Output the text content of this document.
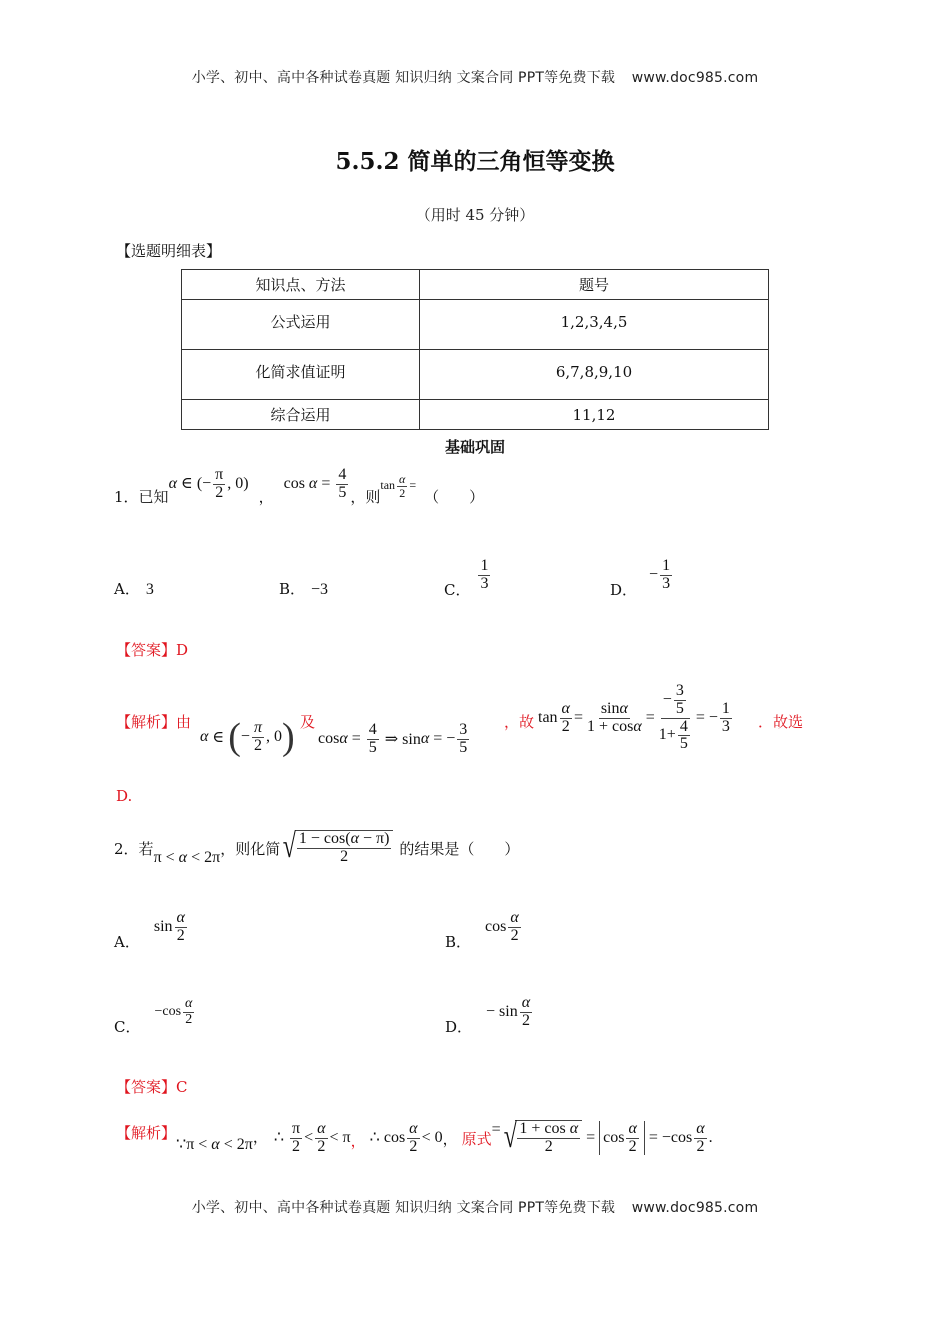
小学、初中、高中各种试卷真题 知识归纳 文案合同 PPT等免费下载 www.doc985.com
5.5.2 简单的三角恒等变换
（用时 45 分钟）
【选题明细表】
知识点、方法	题号
公式运用	1,2,3,4,5
化简求值证明	6,7,8,9,10
综合运用	11,12
基础巩固
1． 已知
α ∈ (− $\frac{\pi}{2}$ , 0)
，
$\cos \alpha = \frac{4}{5}$ ，则
$\tan \frac{\alpha}{2}$ =
（　　）
A． 3	B． −3	C． $\frac{1}{3}$	D．
− $\frac{1}{3}$
【答案】D
【解析】由
α ∈ ( − $\frac{\pi}{2}$ , 0 ) 及
$\cos \alpha = \frac{4}{5}$ ⇒ sin α = − $\frac{3}{5}$ ，故 $\tan \frac{\alpha}{2} = \frac{\sin\alpha}{1 + \cos\alpha} = \frac{- \frac{3}{5}}{1+ \frac{4}{5}}$ = − $\frac{1}{3}$ ．故选
D.
2． 若 π < α < 2π ，则化简 √ $\frac{1 - \cos(\alpha - \pi)}{2}$ 的结果是（　　）
A．
$\sin \frac{\alpha}{2}$	B．
$\cos \frac{\alpha}{2}$
C．
$-\cos \frac{\alpha}{2}$	D．
− $\sin \frac{\alpha}{2}$
【答案】C
【解析】
∵π < α < 2π ， ∴ $\frac{\pi}{2} < \frac{\alpha}{2} < \pi$ ， ∴ $\cos \frac{\alpha}{2} < 0$ ， 原式 = √ $\frac{\text{1 + cos α}}{2} = \cos \frac{\alpha}{2} = -\cos \frac{\alpha}{2}$ .
小学、初中、高中各种试卷真题 知识归纳 文案合同 PPT等免费下载 www.doc985.com
